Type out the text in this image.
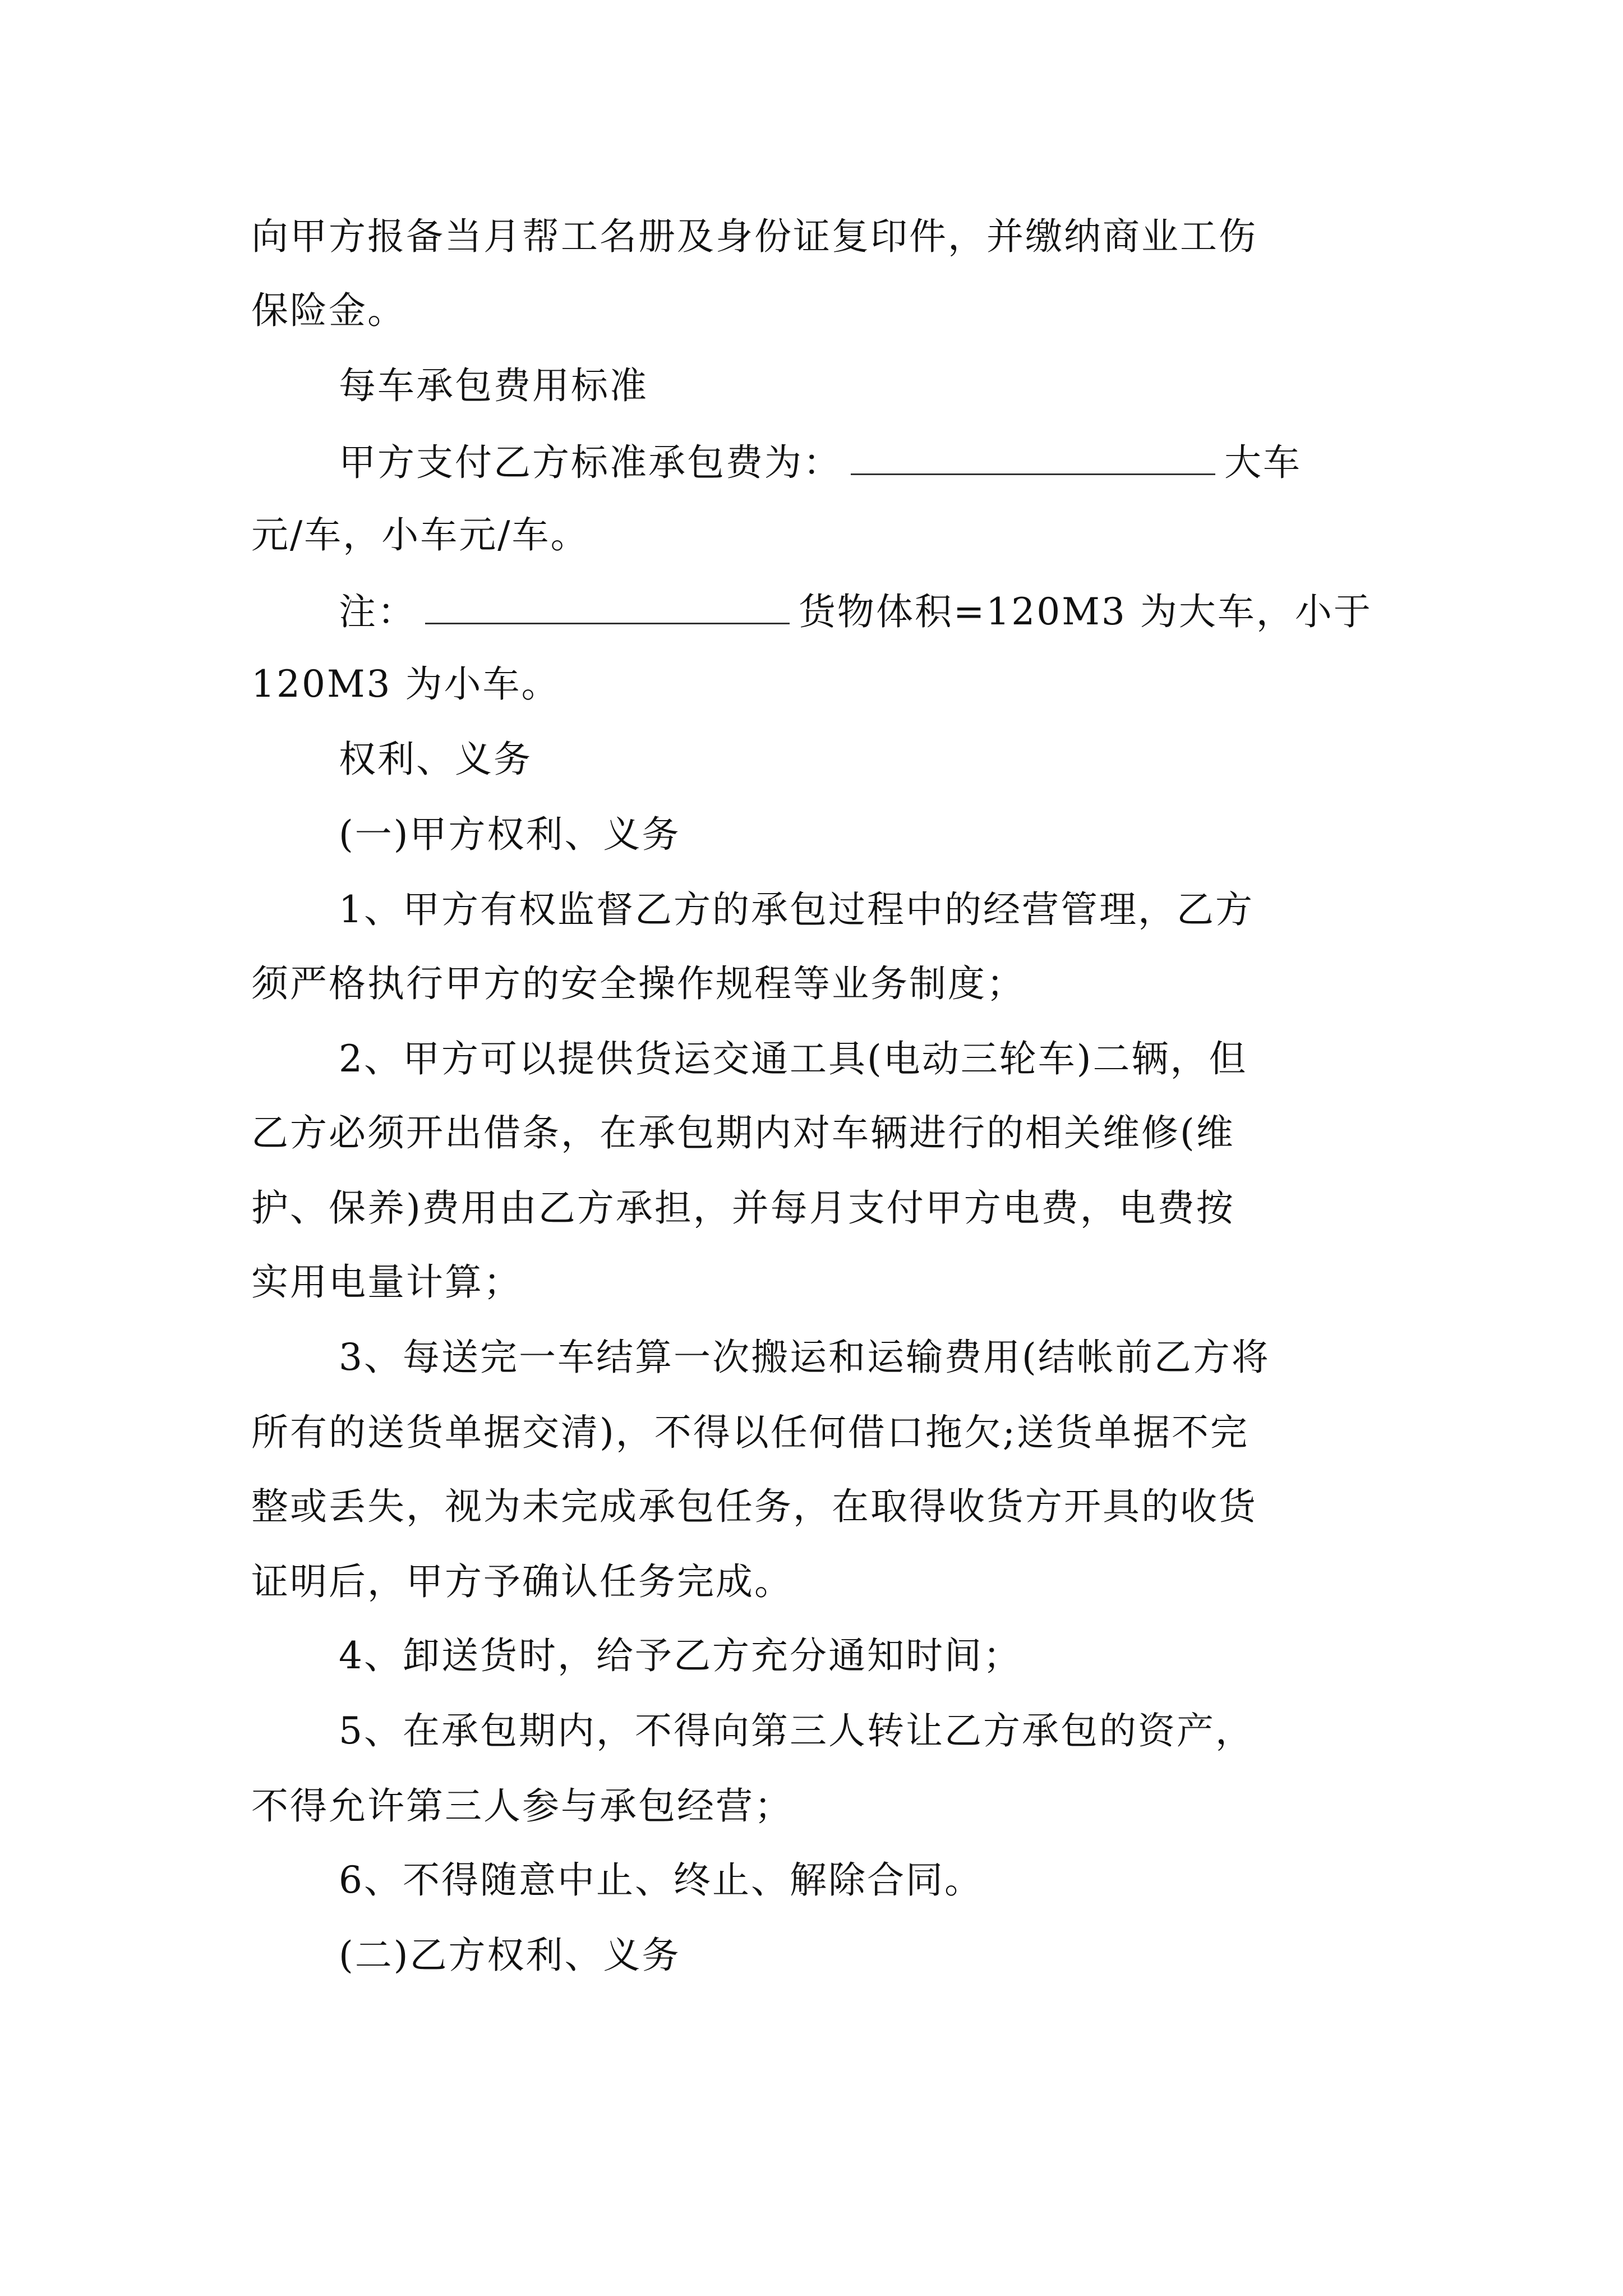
向甲方报备当月帮工名册及身份证复印件，并缴纳商业工伤
保险金。
每车承包费用标准
甲方支付乙方标准承包费为：	大车
元/车，小车元/车。
注：	货物体积=120M3 为大车，小于
120M3 为小车。
权利、义务
(一)甲方权利、义务
1、甲方有权监督乙方的承包过程中的经营管理，乙方
须严格执行甲方的安全操作规程等业务制度；
2、甲方可以提供货运交通工具(电动三轮车)二辆，但
乙方必须开出借条，在承包期内对车辆进行的相关维修(维
护、保养)费用由乙方承担，并每月支付甲方电费，电费按
实用电量计算；
3、每送完一车结算一次搬运和运输费用(结帐前乙方将
所有的送货单据交清)，不得以任何借口拖欠;送货单据不完
整或丢失，视为未完成承包任务，在取得收货方开具的收货
证明后，甲方予确认任务完成。
4、卸送货时，给予乙方充分通知时间；
5、在承包期内，不得向第三人转让乙方承包的资产，
不得允许第三人参与承包经营；
6、不得随意中止、终止、解除合同。
(二)乙方权利、义务
